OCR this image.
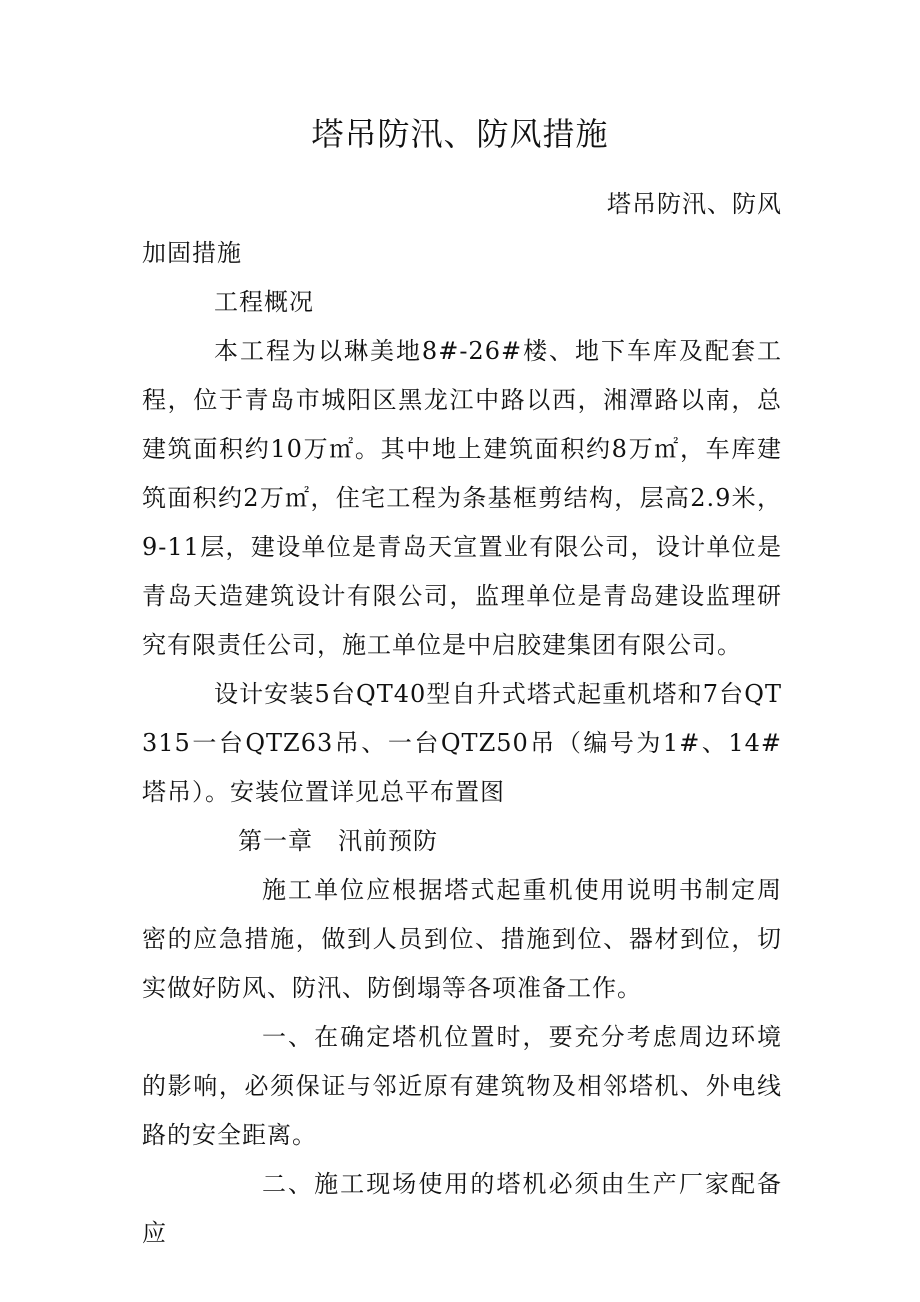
塔吊防汛、防风措施
塔吊防汛、防风

加固措施

工程概况

本工程为以琳美地8#-26#楼、地下车库及配套工程，位于青岛市城阳区黑龙江中路以西，湘潭路以南，总建筑面积约10万㎡。其中地上建筑面积约8万㎡，车库建筑面积约2万㎡，住宅工程为条基框剪结构，层高2.9米，9-11层，建设单位是青岛天宣置业有限公司，设计单位是青岛天造建筑设计有限公司，监理单位是青岛建设监理研究有限责任公司，施工单位是中启胶建集团有限公司。

设计安装5台QT40型自升式塔式起重机塔和7台QT315一台QTZ63吊、一台QTZ50吊（编号为1#、14#塔吊）。安装位置详见总平布置图

第一章　汛前预防

施工单位应根据塔式起重机使用说明书制定周密的应急措施，做到人员到位、措施到位、器材到位，切实做好防风、防汛、防倒塌等各项准备工作。

一、在确定塔机位置时，要充分考虑周边环境的影响，必须保证与邻近原有建筑物及相邻塔机、外电线路的安全距离。

二、施工现场使用的塔机必须由生产厂家配备应
